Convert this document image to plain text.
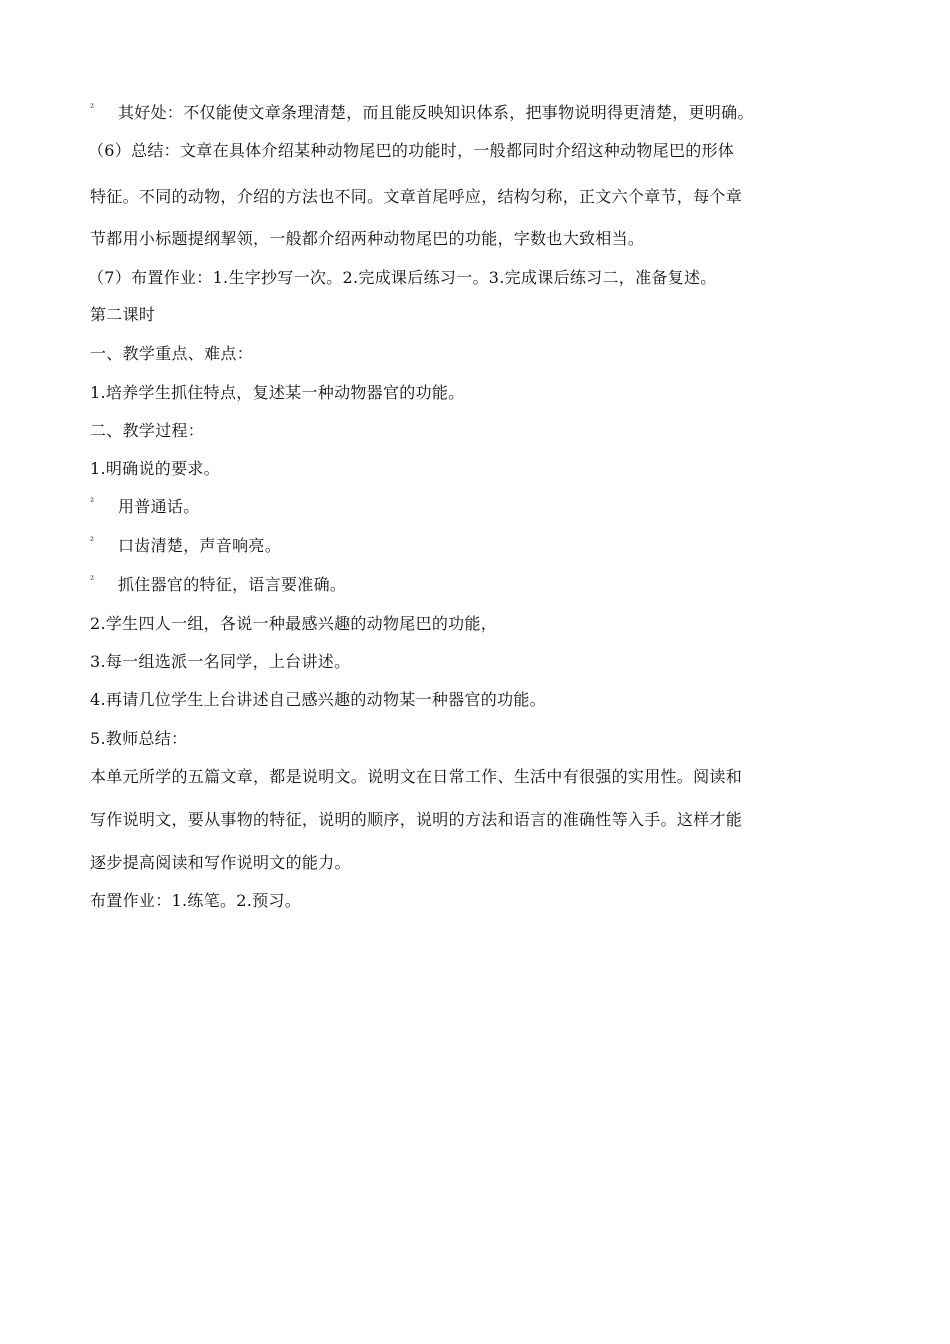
² 其好处：不仅能使文章条理清楚，而且能反映知识体系，把事物说明得更清楚，更明确。
（6）总结：文章在具体介绍某种动物尾巴的功能时，一般都同时介绍这种动物尾巴的形体
特征。不同的动物，介绍的方法也不同。文章首尾呼应，结构匀称，正文六个章节，每个章
节都用小标题提纲挈领，一般都介绍两种动物尾巴的功能，字数也大致相当。
（7）布置作业：1.生字抄写一次。2.完成课后练习一。3.完成课后练习二，准备复述。
第二课时
一、教学重点、难点：
1.培养学生抓住特点，复述某一种动物器官的功能。
二、教学过程：
1.明确说的要求。
² 用普通话。
² 口齿清楚，声音响亮。
² 抓住器官的特征，语言要准确。
2.学生四人一组，各说一种最感兴趣的动物尾巴的功能，
3.每一组选派一名同学，上台讲述。
4.再请几位学生上台讲述自己感兴趣的动物某一种器官的功能。
5.教师总结：
本单元所学的五篇文章，都是说明文。说明文在日常工作、生活中有很强的实用性。阅读和
写作说明文，要从事物的特征，说明的顺序，说明的方法和语言的准确性等入手。这样才能
逐步提高阅读和写作说明文的能力。
布置作业：1.练笔。2.预习。
